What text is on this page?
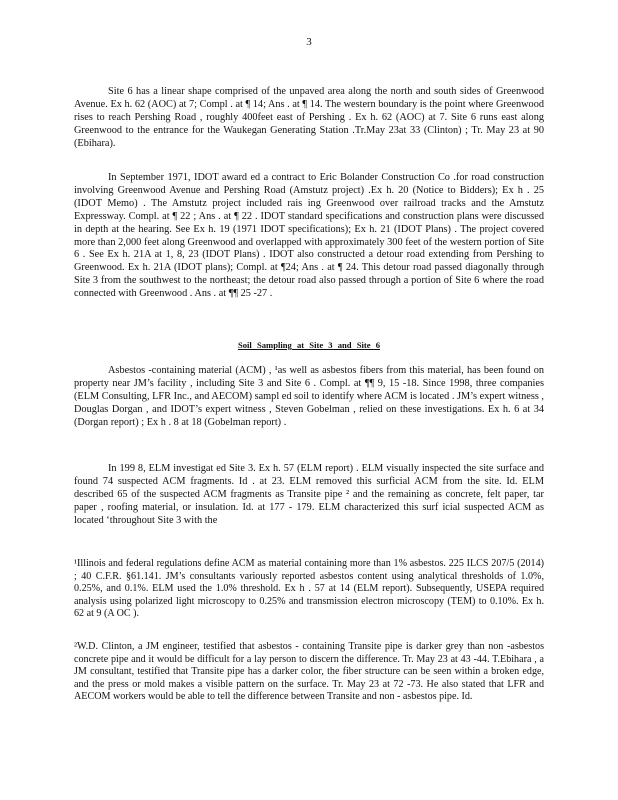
3

Site 6 has a linear shape comprised of the unpaved area along the north and south sides of Greenwood Avenue. Ex h. 62 (AOC) at 7; Compl . at ¶ 14; Ans . at ¶ 14. The western boundary is the point where Greenwood rises to reach Pershing Road , roughly 400feet east of Pershing . Ex h. 62 (AOC) at 7. Site 6 runs east along Greenwood to the entrance for the Waukegan Generating Station .Tr.May 23at 33 (Clinton) ; Tr. May 23 at 90 (Ebihara).

In September 1971, IDOT award ed a contract to Eric Bolander Construction Co .for road construction involving Greenwood Avenue and Pershing Road (Amstutz project) .Ex h. 20 (Notice to Bidders); Ex h . 25 (IDOT Memo) . The Amstutz project included rais ing Greenwood over railroad tracks and the Amstutz Expressway. Compl. at ¶ 22 ; Ans . at ¶ 22 . IDOT standard specifications and construction plans were discussed in depth at the hearing. See Ex h. 19 (1971 IDOT specifications); Ex h. 21 (IDOT Plans) . The project covered more than 2,000 feet along Greenwood and overlapped with approximately 300 feet of the western portion of Site 6 . See Ex h. 21A at 1, 8, 23 (IDOT Plans) . IDOT also constructed a detour road extending from Pershing to Greenwood. Ex h. 21A (IDOT plans); Compl. at ¶24; Ans . at ¶ 24. This detour road passed diagonally through Site 3 from the southwest to the northeast; the detour road also passed through a portion of Site 6 where the road connected with Greenwood . Ans . at ¶¶ 25 -27 .

Soil Sampling at Site 3 and Site 6

Asbestos -containing material (ACM) , ¹as well as asbestos fibers from this material, has been found on property near JM’s facility , including Site 3 and Site 6 . Compl. at ¶¶ 9, 15 -18. Since 1998, three companies (ELM Consulting, LFR Inc., and AECOM) sampl ed soil to identify where ACM is located . JM’s expert witness , Douglas Dorgan , and IDOT’s expert witness , Steven Gobelman , relied on these investigations. Ex h. 6 at 34 (Dorgan report) ; Ex h . 8 at 18 (Gobelman report) .

In 199 8, ELM investigat ed Site 3. Ex h. 57 (ELM report) . ELM visually inspected the site surface and found 74 suspected ACM fragments. Id . at 23. ELM removed this surficial ACM from the site. Id. ELM described 65 of the suspected ACM fragments as Transite pipe ² and the remaining as concrete, felt paper, tar paper , roofing material, or insulation. Id. at 177 - 179. ELM characterized this surf icial suspected ACM as located ‘throughout Site 3 with the

¹Illinois and federal regulations define ACM as material containing more than 1% asbestos. 225 ILCS 207/5 (2014) ; 40 C.F.R. §61.141. JM’s consultants variously reported asbestos content using analytical thresholds of 1.0%, 0.25%, and 0.1%. ELM used the 1.0% threshold. Ex h . 57 at 14 (ELM report). Subsequently, USEPA required analysis using polarized light microscopy to 0.25% and transmission electron microscopy (TEM) to 0.10%. Ex h. 62 at 9 (A OC ).

²W.D. Clinton, a JM engineer, testified that asbestos - containing Transite pipe is darker grey than non -asbestos concrete pipe and it would be difficult for a lay person to discern the difference. Tr. May 23 at 43 -44. T.Ebihara , a JM consultant, testified that Transite pipe has a darker color, the fiber structure can be seen within a broken edge, and the press or mold makes a visible pattern on the surface. Tr. May 23 at 72 -73. He also stated that LFR and AECOM workers would be able to tell the difference between Transite and non - asbestos pipe. Id.
